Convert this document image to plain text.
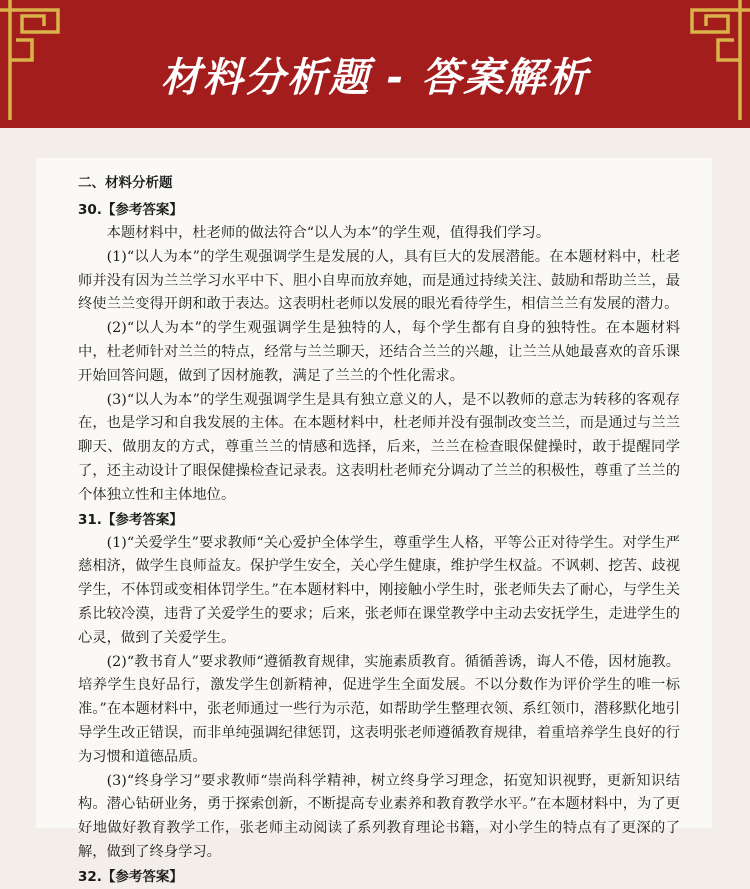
材料分析题 - 答案解析
二、材料分析题
30.【参考答案】

本题材料中，杜老师的做法符合“以人为本”的学生观，值得我们学习。

(1)“以人为本”的学生观强调学生是发展的人，具有巨大的发展潜能。在本题材料中，杜老师并没有因为兰兰学习水平中下、胆小自卑而放弃她，而是通过持续关注、鼓励和帮助兰兰，最终使兰兰变得开朗和敢于表达。这表明杜老师以发展的眼光看待学生，相信兰兰有发展的潜力。

(2)“以人为本”的学生观强调学生是独特的人，每个学生都有自身的独特性。在本题材料中，杜老师针对兰兰的特点，经常与兰兰聊天，还结合兰兰的兴趣，让兰兰从她最喜欢的音乐课开始回答问题，做到了因材施教，满足了兰兰的个性化需求。

(3)“以人为本”的学生观强调学生是具有独立意义的人，是不以教师的意志为转移的客观存在，也是学习和自我发展的主体。在本题材料中，杜老师并没有强制改变兰兰，而是通过与兰兰聊天、做朋友的方式，尊重兰兰的情感和选择，后来，兰兰在检查眼保健操时，敢于提醒同学了，还主动设计了眼保健操检查记录表。这表明杜老师充分调动了兰兰的积极性，尊重了兰兰的个体独立性和主体地位。

31.【参考答案】

(1)“关爱学生”要求教师“关心爱护全体学生，尊重学生人格，平等公正对待学生。对学生严慈相济，做学生良师益友。保护学生安全，关心学生健康，维护学生权益。不讽刺、挖苦、歧视学生，不体罚或变相体罚学生。”在本题材料中，刚接触小学生时，张老师失去了耐心，与学生关系比较冷漠，违背了关爱学生的要求；后来，张老师在课堂教学中主动去安抚学生，走进学生的心灵，做到了关爱学生。

(2)“教书育人”要求教师“遵循教育规律，实施素质教育。循循善诱，诲人不倦，因材施教。培养学生良好品行，激发学生创新精神，促进学生全面发展。不以分数作为评价学生的唯一标准。”在本题材料中，张老师通过一些行为示范，如帮助学生整理衣领、系红领巾，潜移默化地引导学生改正错误，而非单纯强调纪律惩罚，这表明张老师遵循教育规律，着重培养学生良好的行为习惯和道德品质。

(3)“终身学习”要求教师“崇尚科学精神，树立终身学习理念，拓宽知识视野，更新知识结构。潜心钻研业务，勇于探索创新，不断提高专业素养和教育教学水平。”在本题材料中，为了更好地做好教育教学工作，张老师主动阅读了系列教育理论书籍，对小学生的特点有了更深的了解，做到了终身学习。

32.【参考答案】
